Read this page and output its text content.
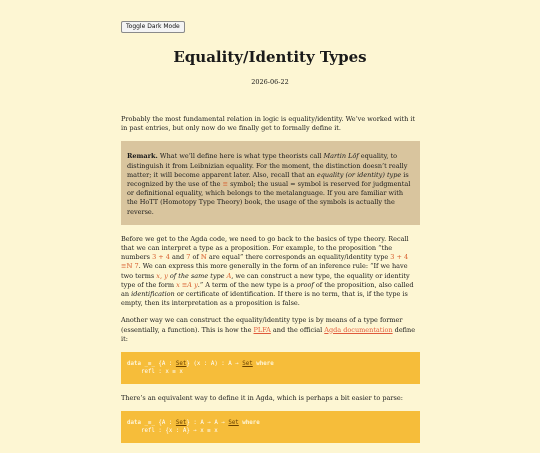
Toggle Dark Mode
Equality/Identity Types
2026-06-22

Probably the most fundamental relation in logic is equality/identity. We’ve worked with it in past entries, but only now do we finally get to formally define it.

Remark. What we’ll define here is what type theorists call Martin Löf equality, to distinguish it from Leibnizian equality. For the moment, the distinction doesn’t really matter; it will become apparent later. Also, recall that an equality (or identity) type is recognized by the use of the ≡ symbol; the usual = symbol is reserved for judgmental or definitional equality, which belongs to the metalanguage. If you are familiar with the HoTT (Homotopy Type Theory) book, the usage of the symbols is actually the reverse.

Before we get to the Agda code, we need to go back to the basics of type theory. Recall that we can interpret a type as a proposition. For example, to the proposition “the numbers 3 + 4 and 7 of ℕ are equal” there corresponds an equality/identity type 3 + 4 ≡ℕ 7. We can express this more generally in the form of an inference rule: “If we have two terms x, y of the same type A, we can construct a new type, the equality or identity type of the form x ≡A y.” A term of the new type is a proof of the proposition, also called an identification or certificate of identification. If there is no term, that is, if the type is empty, then its interpretation as a proposition is false.

Another way we can construct the equality/identity type is by means of a type former (essentially, a function). This is how the PLFA and the official Agda documentation define it:

data _≡_ {A : Set} (x : A) : A → Set where
refl : x ≡ x

There’s an equivalent way to define it in Agda, which is perhaps a bit easier to parse:

data _≡_ {A : Set} : A → A → Set where
refl : {x : A} → x ≡ x
